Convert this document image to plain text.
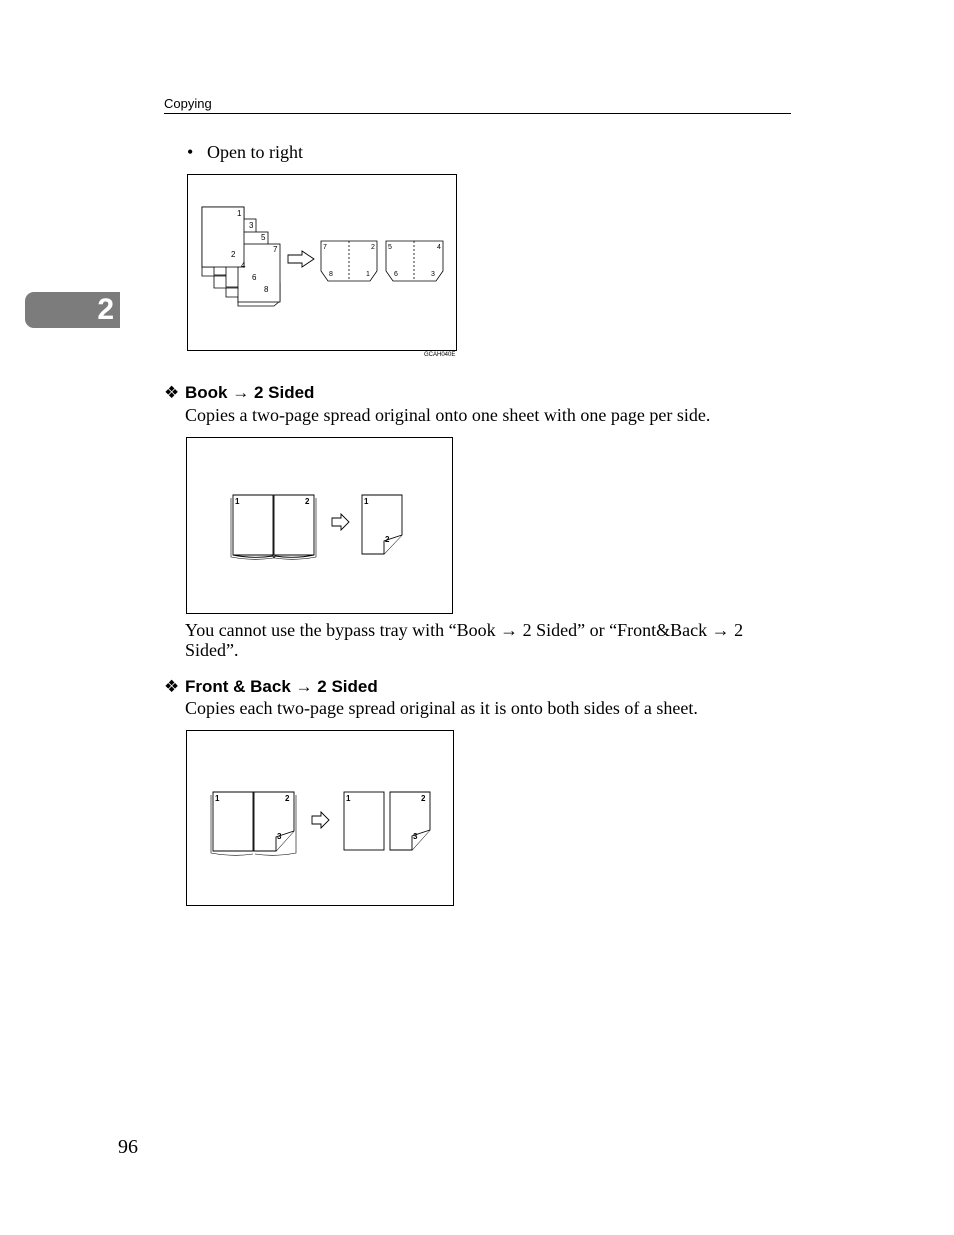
Copying
2
• Open to right
1
2
3
4
5
6
7
8
7	2
8	1
5	4
6	3
GCAH040E
❖ Book → 2 Sided
Copies a two-page spread original onto one sheet with one page per side.
1	2	1
2
You cannot use the bypass tray with “Book → 2 Sided” or “Front&Back → 2 Sided”.
❖ Front & Back → 2 Sided
Copies each two-page spread original as it is onto both sides of a sheet.
1	2
3
1	2
3
96
